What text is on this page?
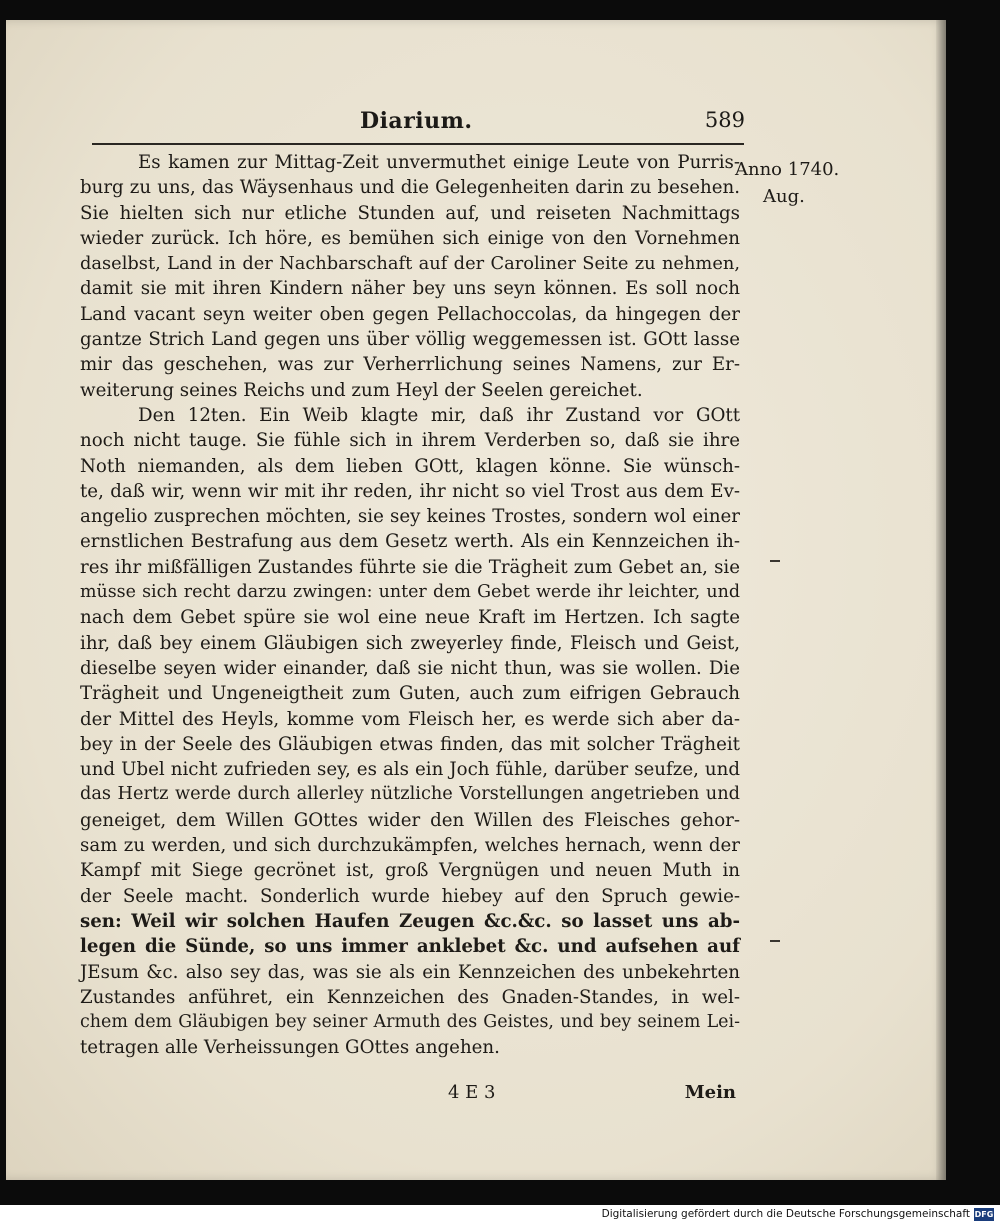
Diarium.	589
Anno 1740.
Aug.
Es kamen zur Mittag-Zeit unvermuthet einige Leute von Purris-
burg zu uns, das Wäysenhaus und die Gelegenheiten darin zu besehen.
Sie hielten sich nur etliche Stunden auf, und reiseten Nachmittags
wieder zurück. Ich höre, es bemühen sich einige von den Vornehmen
daselbst, Land in der Nachbarschaft auf der Caroliner Seite zu nehmen,
damit sie mit ihren Kindern näher bey uns seyn können. Es soll noch
Land vacant seyn weiter oben gegen Pellachoccolas, da hingegen der
gantze Strich Land gegen uns über völlig weggemessen ist. GOtt lasse
mir das geschehen, was zur Verherrlichung seines Namens, zur Er-
weiterung seines Reichs und zum Heyl der Seelen gereichet.
Den 12ten. Ein Weib klagte mir, daß ihr Zustand vor GOtt
noch nicht tauge. Sie fühle sich in ihrem Verderben so, daß sie ihre
Noth niemanden, als dem lieben GOtt, klagen könne. Sie wünsch-
te, daß wir, wenn wir mit ihr reden, ihr nicht so viel Trost aus dem Ev-
angelio zusprechen möchten, sie sey keines Trostes, sondern wol einer
ernstlichen Bestrafung aus dem Gesetz werth. Als ein Kennzeichen ih-
res ihr mißfälligen Zustandes führte sie die Trägheit zum Gebet an, sie
müsse sich recht darzu zwingen: unter dem Gebet werde ihr leichter, und
nach dem Gebet spüre sie wol eine neue Kraft im Hertzen. Ich sagte
ihr, daß bey einem Gläubigen sich zweyerley finde, Fleisch und Geist,
dieselbe seyen wider einander, daß sie nicht thun, was sie wollen. Die
Trägheit und Ungeneigtheit zum Guten, auch zum eifrigen Gebrauch
der Mittel des Heyls, komme vom Fleisch her, es werde sich aber da-
bey in der Seele des Gläubigen etwas finden, das mit solcher Trägheit
und Ubel nicht zufrieden sey, es als ein Joch fühle, darüber seufze, und
das Hertz werde durch allerley nützliche Vorstellungen angetrieben und
geneiget, dem Willen GOttes wider den Willen des Fleisches gehor-
sam zu werden, und sich durchzukämpfen, welches hernach, wenn der
Kampf mit Siege gecrönet ist, groß Vergnügen und neuen Muth in
der Seele macht. Sonderlich wurde hiebey auf den Spruch gewie-
sen: Weil wir solchen Haufen Zeugen &c.&c. so lasset uns ab-
legen die Sünde, so uns immer anklebet &c. und aufsehen auf
JEsum &c. also sey das, was sie als ein Kennzeichen des unbekehrten
Zustandes anführet, ein Kennzeichen des Gnaden-Standes, in wel-
chem dem Gläubigen bey seiner Armuth des Geistes, und bey seinem Lei-
tetragen alle Verheissungen GOttes angehen.
4 E 3	Mein
Digitalisierung gefördert durch die Deutsche Forschungsgemeinschaft DFG
